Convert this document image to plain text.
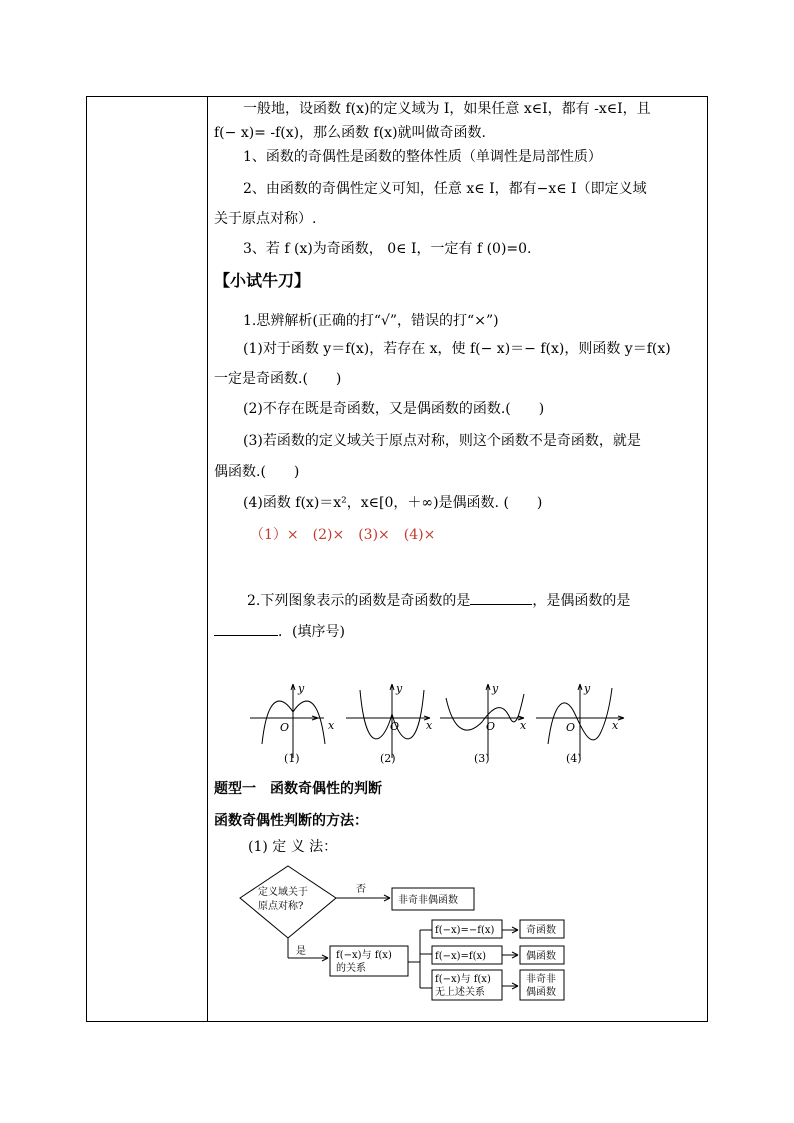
一般地，设函数 f(x)的定义域为 I，如果任意 x∈I，都有 -x∈I，且
f(− x)= -f(x)，那么函数 f(x)就叫做奇函数.
1、函数的奇偶性是函数的整体性质（单调性是局部性质）
2、由函数的奇偶性定义可知，任意 x∈ I，都有−x∈ I（即定义域
关于原点对称）.
3、若 f (x)为奇函数， 0∈ I，一定有 f (0)=0.
【小试牛刀】
1.思辨解析(正确的打“√”，错误的打“×”)
(1)对于函数 y＝f(x)，若存在 x，使 f(− x)＝− f(x)，则函数 y＝f(x)
一定是奇函数.(　　)
(2)不存在既是奇函数，又是偶函数的函数.(　　)
(3)若函数的定义域关于原点对称，则这个函数不是奇函数，就是
偶函数.(　　)
(4)函数 f(x)＝x²，x∈[0，＋∞)是偶函数. (　　)
（1）×　(2)×　(3)×　(4)×
2.下列图象表示的函数是奇函数的是	，是偶函数的是
．(填序号)
y
x
O
y
x
O
y
x
O
y
x
O
(1)	(2)	(3)	(4)
题型一　函数奇偶性的判断
函数奇偶性判断的方法：
(1) 定 义 法：
定义域关于
原点对称?
否
是
非奇非偶函数
f(−x)与 f(x)
的关系
f(−x)=−f(x)
f(−x)=f(x)
f(−x)与 f(x)
无上述关系
奇函数
偶函数
非奇非
偶函数
